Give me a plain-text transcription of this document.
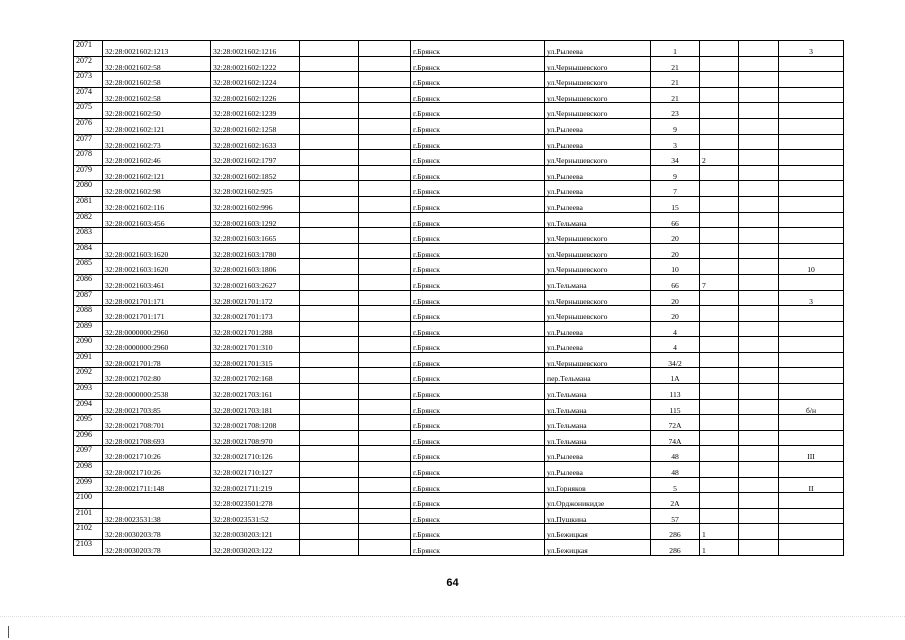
2071	32:28:0021602:1213	32:28:0021602:1216			г.Брянск	ул.Рылеева	1			3
2072	32:28:0021602:58	32:28:0021602:1222			г.Брянск	ул.Чернышевского	21			
2073	32:28:0021602:58	32:28:0021602:1224			г.Брянск	ул.Чернышевского	21			
2074	32:28:0021602:58	32:28:0021602:1226			г.Брянск	ул.Чернышевского	21			
2075	32:28:0021602:50	32:28:0021602:1239			г.Брянск	ул.Чернышевского	23			
2076	32:28:0021602:121	32:28:0021602:1258			г.Брянск	ул.Рылеева	9			
2077	32:28:0021602:73	32:28:0021602:1633			г.Брянск	ул.Рылеева	3			
2078	32:28:0021602:46	32:28:0021602:1797			г.Брянск	ул.Чернышевского	34	2		
2079	32:28:0021602:121	32:28:0021602:1852			г.Брянск	ул.Рылеева	9			
2080	32:28:0021602:98	32:28:0021602:925			г.Брянск	ул.Рылеева	7			
2081	32:28:0021602:116	32:28:0021602:996			г.Брянск	ул.Рылеева	15			
2082	32:28:0021603:456	32:28:0021603:1292			г.Брянск	ул.Тельмана	66			
2083		32:28:0021603:1665			г.Брянск	ул.Чернышевского	20			
2084	32:28:0021603:1620	32:28:0021603:1780			г.Брянск	ул.Чернышевского	20			
2085	32:28:0021603:1620	32:28:0021603:1806			г.Брянск	ул.Чернышевского	10			10
2086	32:28:0021603:461	32:28:0021603:2627			г.Брянск	ул.Тельмана	66	7		
2087	32:28:0021701:171	32:28:0021701:172			г.Брянск	ул.Чернышевского	20			3
2088	32:28:0021701:171	32:28:0021701:173			г.Брянск	ул.Чернышевского	20			
2089	32:28:0000000:2960	32:28:0021701:288			г.Брянск	ул.Рылеева	4			
2090	32:28:0000000:2960	32:28:0021701:310			г.Брянск	ул.Рылеева	4			
2091	32:28:0021701:78	32:28:0021701:315			г.Брянск	ул.Чернышевского	34/2			
2092	32:28:0021702:80	32:28:0021702:168			г.Брянск	пер.Тельмана	1А			
2093	32:28:0000000:2538	32:28:0021703:161			г.Брянск	ул.Тельмана	113			
2094	32:28:0021703:85	32:28:0021703:181			г.Брянск	ул.Тельмана	115			б/н
2095	32:28:0021708:701	32:28:0021708:1208			г.Брянск	ул.Тельмана	72А			
2096	32:28:0021708:693	32:28:0021708:970			г.Брянск	ул.Тельмана	74А			
2097	32:28:0021710:26	32:28:0021710:126			г.Брянск	ул.Рылеева	48			III
2098	32:28:0021710:26	32:28:0021710:127			г.Брянск	ул.Рылеева	48			
2099	32:28:0021711:148	32:28:0021711:219			г.Брянск	ул.Горняков	5			II
2100		32:28:0023501:278			г.Брянск	ул.Орджоникидзе	2А			
2101	32:28:0023531:38	32:28:0023531:52			г.Брянск	ул.Пушкина	57			
2102	32:28:0030203:78	32:28:0030203:121			г.Брянск	ул.Бежицкая	286	1		
2103	32:28:0030203:78	32:28:0030203:122			г.Брянск	ул.Бежицкая	286	1		
64
